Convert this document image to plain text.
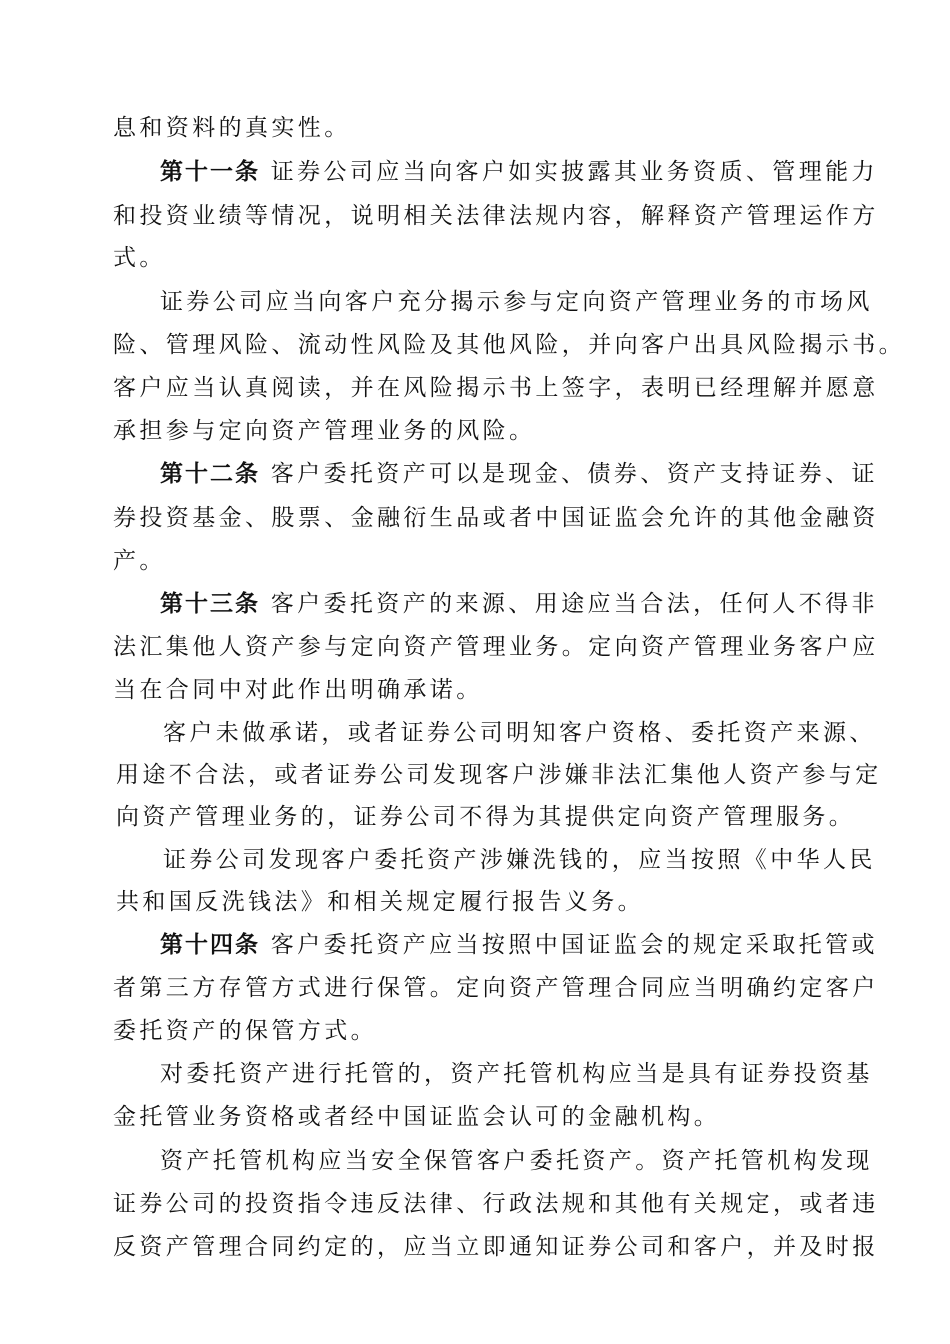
息和资料的真实性。
第十一条 证券公司应当向客户如实披露其业务资质、管理能力
和投资业绩等情况，说明相关法律法规内容，解释资产管理运作方
式。
证券公司应当向客户充分揭示参与定向资产管理业务的市场风
险、管理风险、流动性风险及其他风险，并向客户出具风险揭示书。
客户应当认真阅读，并在风险揭示书上签字，表明已经理解并愿意
承担参与定向资产管理业务的风险。
第十二条 客户委托资产可以是现金、债券、资产支持证券、证
券投资基金、股票、金融衍生品或者中国证监会允许的其他金融资
产。
第十三条 客户委托资产的来源、用途应当合法，任何人不得非
法汇集他人资产参与定向资产管理业务。定向资产管理业务客户应
当在合同中对此作出明确承诺。
客户未做承诺，或者证券公司明知客户资格、委托资产来源、
用途不合法，或者证券公司发现客户涉嫌非法汇集他人资产参与定
向资产管理业务的，证券公司不得为其提供定向资产管理服务。
证券公司发现客户委托资产涉嫌洗钱的，应当按照《中华人民
共和国反洗钱法》和相关规定履行报告义务。
第十四条 客户委托资产应当按照中国证监会的规定采取托管或
者第三方存管方式进行保管。定向资产管理合同应当明确约定客户
委托资产的保管方式。
对委托资产进行托管的，资产托管机构应当是具有证券投资基
金托管业务资格或者经中国证监会认可的金融机构。
资产托管机构应当安全保管客户委托资产。资产托管机构发现
证券公司的投资指令违反法律、行政法规和其他有关规定，或者违
反资产管理合同约定的，应当立即通知证券公司和客户，并及时报
